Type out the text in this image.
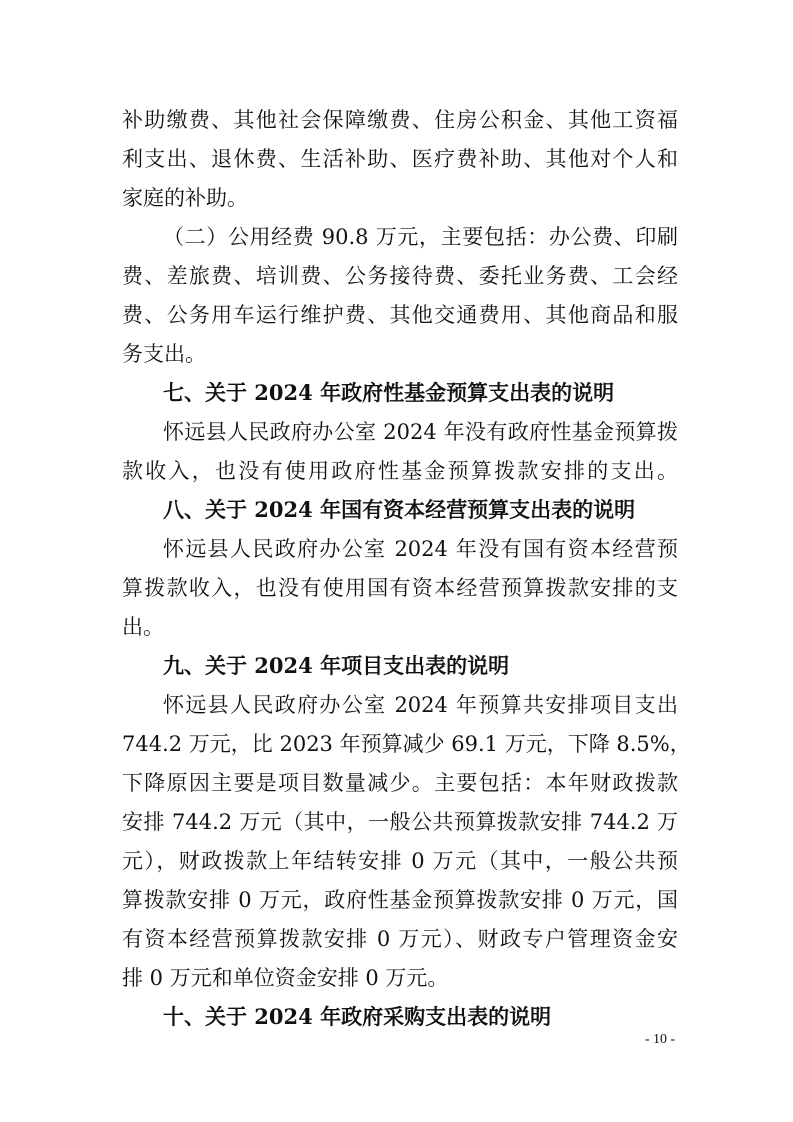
补助缴费、其他社会保障缴费、住房公积金、其他工资福
利支出、退休费、生活补助、医疗费补助、其他对个人和
家庭的补助。
（二）公用经费 90.8 万元，主要包括：办公费、印刷
费、差旅费、培训费、公务接待费、委托业务费、工会经
费、公务用车运行维护费、其他交通费用、其他商品和服
务支出。
七、关于 2024 年政府性基金预算支出表的说明
怀远县人民政府办公室 2024 年没有政府性基金预算拨
款收入，也没有使用政府性基金预算拨款安排的支出。
八、关于 2024 年国有资本经营预算支出表的说明
怀远县人民政府办公室 2024 年没有国有资本经营预
算拨款收入，也没有使用国有资本经营预算拨款安排的支
出。
九、关于 2024 年项目支出表的说明
怀远县人民政府办公室 2024 年预算共安排项目支出
744.2 万元，比 2023 年预算减少 69.1 万元，下降 8.5%，
下降原因主要是项目数量减少。主要包括：本年财政拨款
安排 744.2 万元（其中，一般公共预算拨款安排 744.2 万
元），财政拨款上年结转安排 0 万元（其中，一般公共预
算拨款安排 0 万元，政府性基金预算拨款安排 0 万元，国
有资本经营预算拨款安排 0 万元）、财政专户管理资金安
排 0 万元和单位资金安排 0 万元。
十、关于 2024 年政府采购支出表的说明
- 10 -
